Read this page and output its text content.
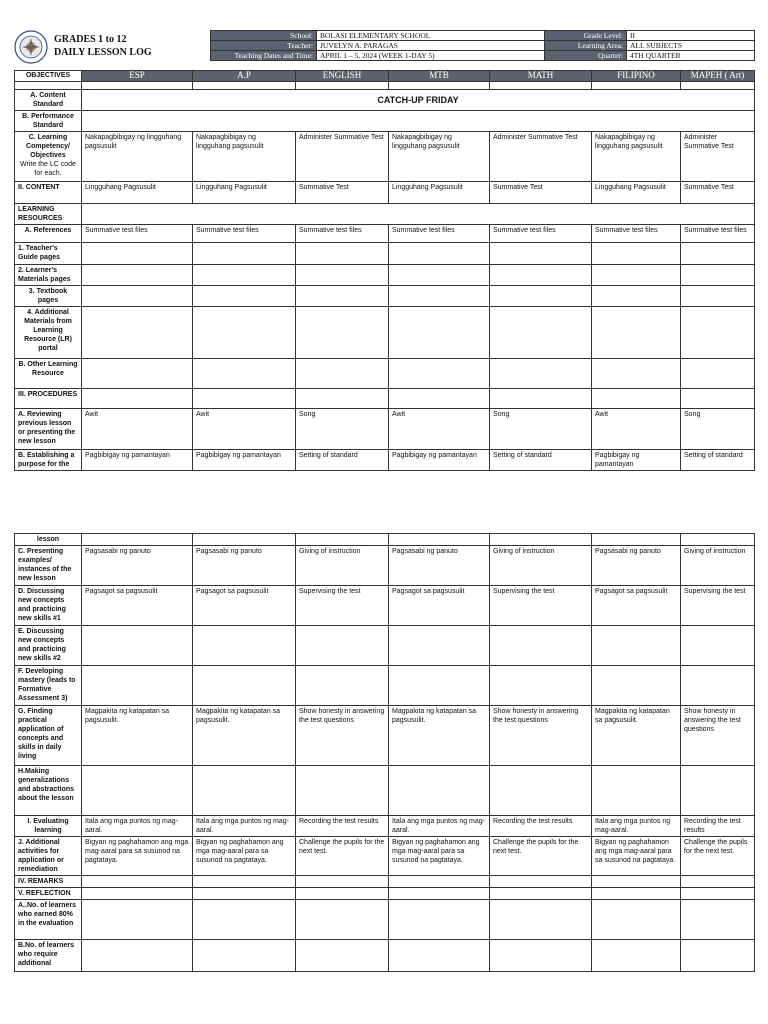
GRADES 1 to 12
DAILY LESSON LOG
School:	BOLASI ELEMENTARY SCHOOL	Grade Level:	II
Teacher:	JUVELYN A. PARAGAS	Learning Area:	ALL SUBJECTS
Teaching Dates and Time:	APRIL 1 – 5, 2024 (WEEK 1-DAY 5)	Quarter:	4TH QUARTER
OBJECTIVES	ESP	A.P	ENGLISH	MTB	MATH	FILIPINO	MAPEH ( Art)

A. Content Standard	CATCH-UP FRIDAY						
B. Performance Standard							
C. Learning Competency/ Objectives
Write the LC code for each.	Nakapagbibigay ng lingguhang pagsusulit	Nakapagbibigay ng lingguhang pagsusulit	Administer Summative Test	Nakapagbibigay ng lingguhang pagsusulit	Administer Summative Test	Nakapagbibigay ng lingguhang pagsusulit	Administer Summative Test
II. CONTENT	Lingguhang Pagsusulit	Lingguhang Pagsusulit	Summative Test	Lingguhang Pagsusulit	Summative Test	Lingguhang Pagsusulit	Summative Test
LEARNING RESOURCES							
A. References	Summative test files	Summative test files	Summative test files	Summative test files	Summative test files	Summative test files	Summative test files
1. Teacher's Guide pages							
2. Learner's Materials pages							
3. Textbook pages							
4. Additional Materials from Learning Resource (LR) portal							
B. Other Learning Resource							
III. PROCEDURES							
A. Reviewing previous lesson or presenting the new lesson	Awit	Awit	Song	Awit	Song	Awit	Song
B. Establishing a purpose for the	Pagbibigay ng pamantayan	Pagbibigay ng pamantayan	Setting of standard	Pagbibigay ng pamantayan	Setting of standard	Pagbibigay ng pamantayan	Setting of standard
lesson							
C. Presenting examples/ instances of the new lesson	Pagsasabi ng panuto	Pagsasabi ng panuto	Giving of instruction	Pagsasabi ng panuto	Giving of instruction	Pagsasabi ng panuto	Giving of instruction
D. Discussing new concepts and practicing new skills #1	Pagsagot sa pagsusulit	Pagsagot sa pagsusulit	Supervising the test	Pagsagot sa pagsusulit	Supervising the test	Pagsagot sa pagsusulit	Supervising the test
E. Discussing new concepts and practicing new skills #2							
F. Developing mastery (leads to Formative Assessment 3)							
G. Finding practical application of concepts and skills in daily living	Magpakita ng katapatan sa pagsusulit.	Magpakita ng katapatan sa pagsusulit.	Show honesty in answering the test questions	Magpakita ng katapatan sa pagsusulit.	Show honesty in answering the test questions	Magpakita ng katapatan sa pagsusulit.	Show honesty in answering the test questions
H.Making generalizations and abstractions about the lesson							
I. Evaluating learning	Itala ang mga puntos ng mag-aaral.	Itala ang mga puntos ng mag-aaral.	Recording the test results	Itala ang mga puntos ng mag-aaral.	Recording the test results	Itala ang mga puntos ng mag-aaral.	Recording the test results
J. Additional activities for application or remediation	Bigyan ng paghahamon ang mga mag-aaral para sa susunod na pagtataya.	Bigyan ng paghahamon ang mga mag-aaral para sa susunod na pagtataya.	Challenge the pupils for the next test.	Bigyan ng paghahamon ang mga mag-aaral para sa susunod na pagtataya.	Challenge the pupils for the next test.	Bigyan ng paghahamon ang mga mag-aaral para sa susunod na pagtataya.	Challenge the pupils for the next test.
IV. REMARKS							
V. REFLECTION							
A..No. of learners who earned 80% in the evaluation							
B.No. of learners who require additional							
